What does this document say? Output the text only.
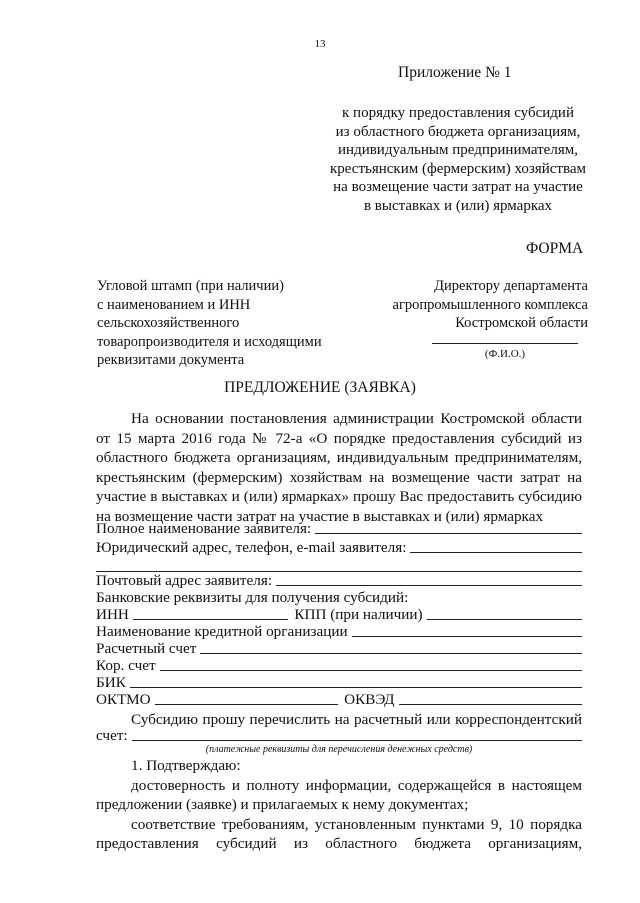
13
Приложение № 1
к порядку предоставления субсидий
из областного бюджета организациям,
индивидуальным предпринимателям,
крестьянским (фермерским) хозяйствам
на возмещение части затрат на участие
в выставках и (или) ярмарках
ФОРМА
Угловой штамп (при наличии)
с наименованием и ИНН
сельскохозяйственного
товаропроизводителя и исходящими
реквизитами документа
Директору департамента
агропромышленного комплекса
Костромской области
(Ф.И.О.)
ПРЕДЛОЖЕНИЕ (ЗАЯВКА)
На основании постановления администрации Костромской области
от 15 марта 2016 года № 72-а «О порядке предоставления субсидий из
областного бюджета организациям, индивидуальным предпринимателям,
крестьянским (фермерским) хозяйствам на возмещение части затрат на
участие в выставках и (или) ярмарках» прошу Вас предоставить субсидию
на возмещение части затрат на участие в выставках и (или) ярмарках
Полное наименование заявителя:
Юридический адрес, телефон, e-mail заявителя:
Почтовый адрес заявителя:
Банковские реквизиты для получения субсидий:
ИНН	КПП (при наличии)
Наименование кредитной организации
Расчетный счет
Кор. счет
БИК
ОКТМО	ОКВЭД
Субсидию прошу перечислить на расчетный или корреспондентский
счет:
(платежные реквизиты для перечисления денежных средств)
1. Подтверждаю:
достоверность и полноту информации, содержащейся в настоящем
предложении (заявке) и прилагаемых к нему документах;
соответствие требованиям, установленным пунктами 9, 10 порядка
предоставления субсидий из областного бюджета организациям,
